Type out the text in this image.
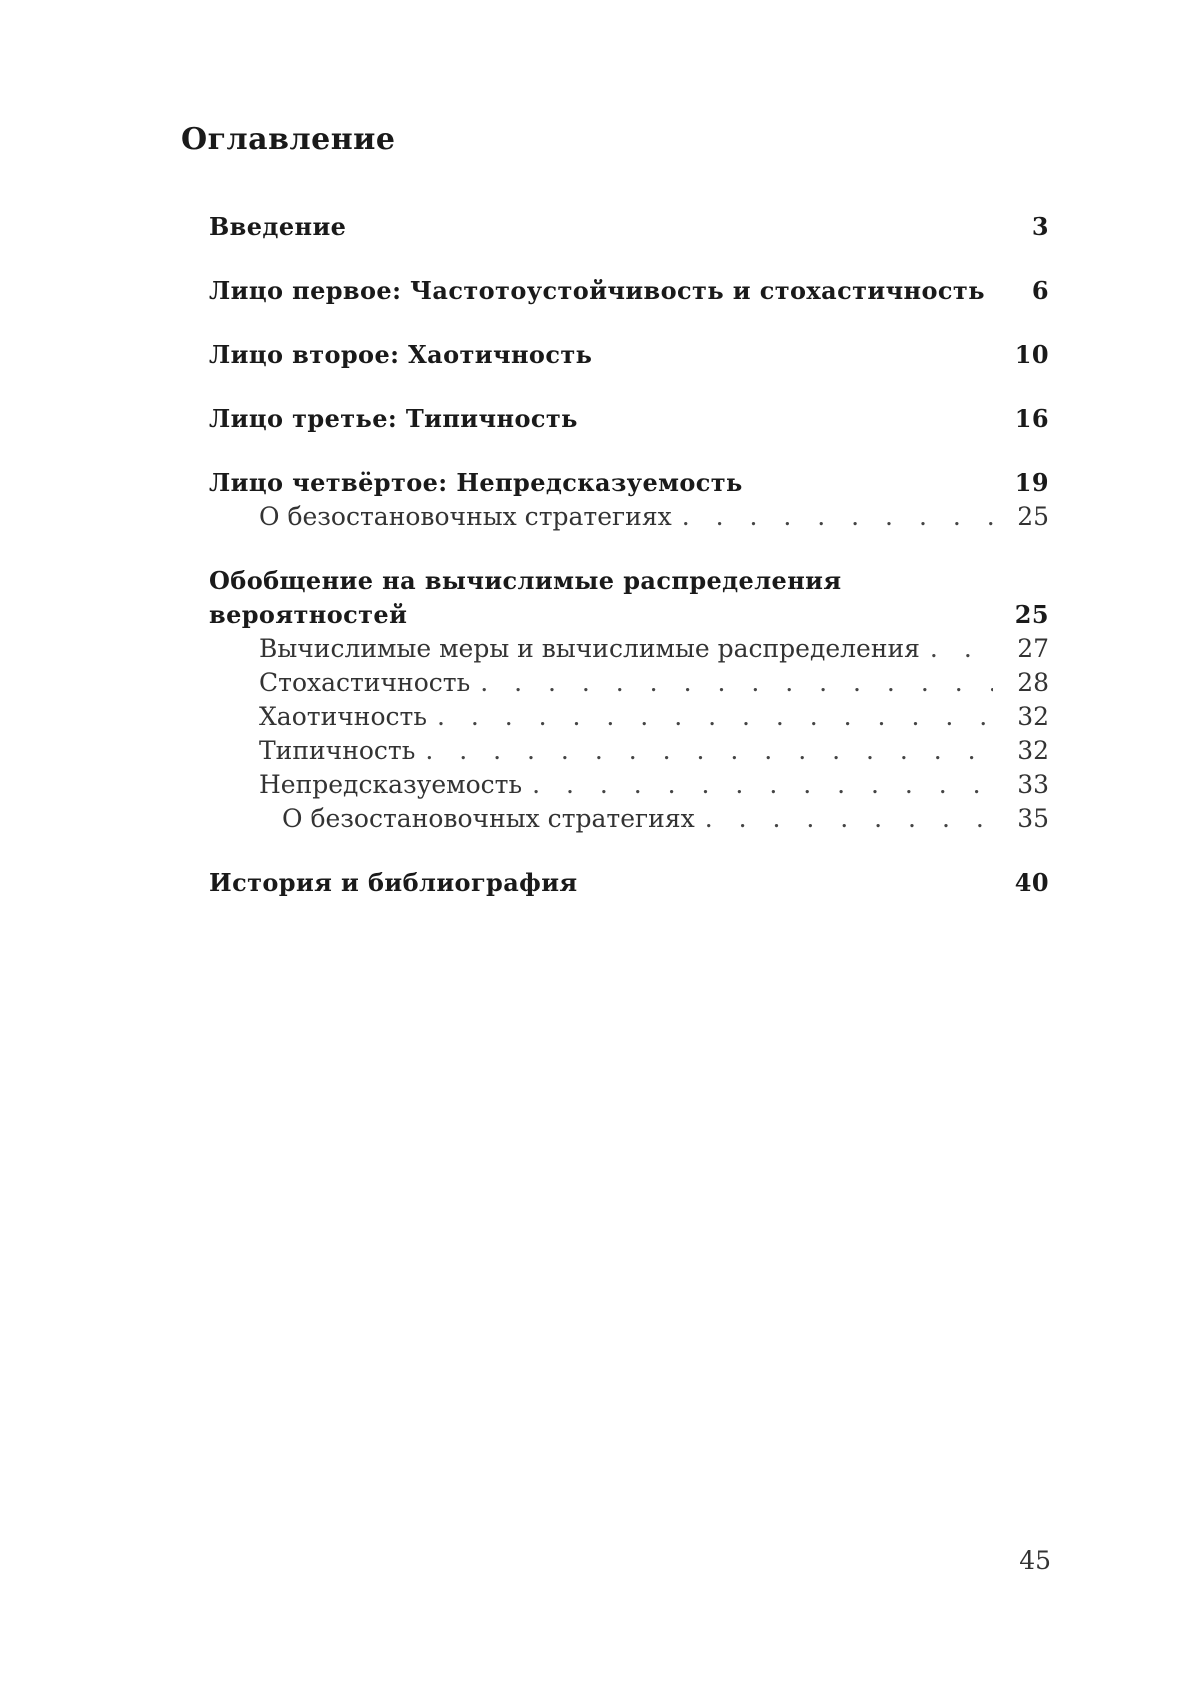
Оглавление
Введение	3
Лицо первое: Частотоустойчивость и стохастичность	6
Лицо второе: Хаотичность	10
Лицо третье: Типичность	16
Лицо четвёртое: Непредсказуемость	19
О безостановочных стратегиях . . .	25
Обобщение на вычислимые распределения
вероятностей	25
Вычислимые меры и вычислимые распределения . . .	27
Стохастичность . . .	28
Хаотичность . . .	32
Типичность . . .	32
Непредсказуемость . . .	33
О безостановочных стратегиях . . .	35
История и библиография	40
45
